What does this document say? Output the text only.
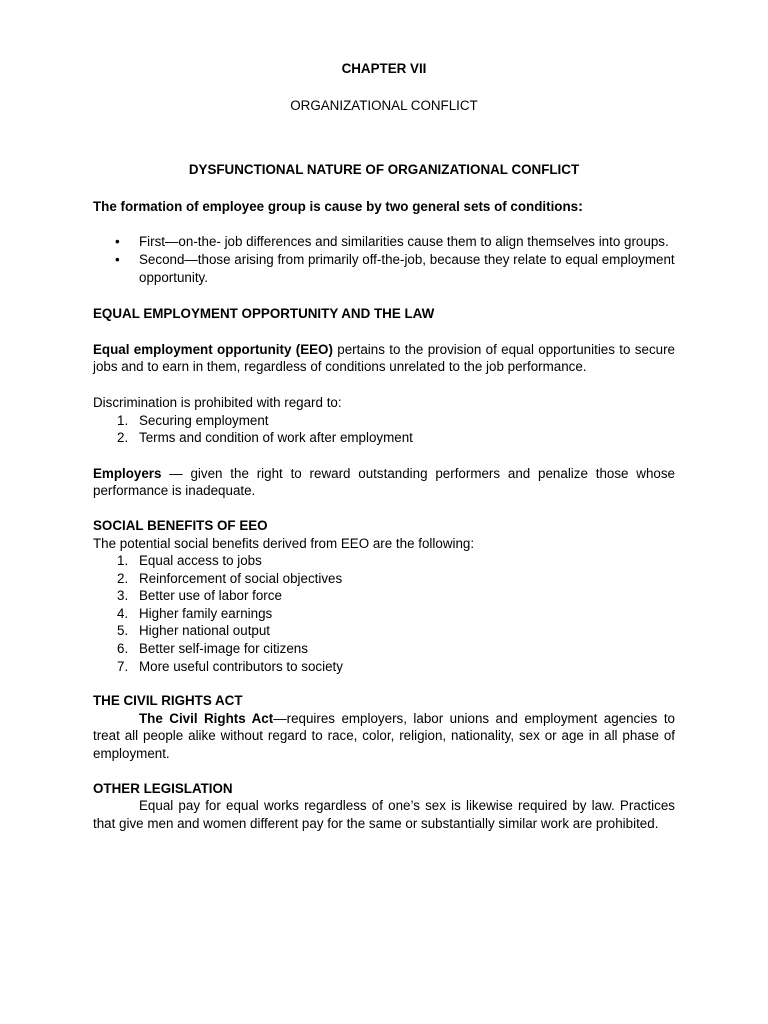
CHAPTER VII

ORGANIZATIONAL CONFLICT

DYSFUNCTIONAL NATURE OF ORGANIZATIONAL CONFLICT

The formation of employee group is cause by two general sets of conditions:

• First—on-the- job differences and similarities cause them to align themselves into groups.
• Second—those arising from primarily off-the-job, because they relate to equal employment opportunity.

EQUAL EMPLOYMENT OPPORTUNITY AND THE LAW

Equal employment opportunity (EEO) pertains to the provision of equal opportunities to secure jobs and to earn in them, regardless of conditions unrelated to the job performance.

Discrimination is prohibited with regard to:

1. Securing employment
2. Terms and condition of work after employment

Employers — given the right to reward outstanding performers and penalize those whose performance is inadequate.

SOCIAL BENEFITS OF EEO

The potential social benefits derived from EEO are the following:

1. Equal access to jobs
2. Reinforcement of social objectives
3. Better use of labor force
4. Higher family earnings
5. Higher national output
6. Better self-image for citizens
7. More useful contributors to society

THE CIVIL RIGHTS ACT

The Civil Rights Act—requires employers, labor unions and employment agencies to treat all people alike without regard to race, color, religion, nationality, sex or age in all phase of employment.

OTHER LEGISLATION

Equal pay for equal works regardless of one’s sex is likewise required by law. Practices that give men and women different pay for the same or substantially similar work are prohibited.
